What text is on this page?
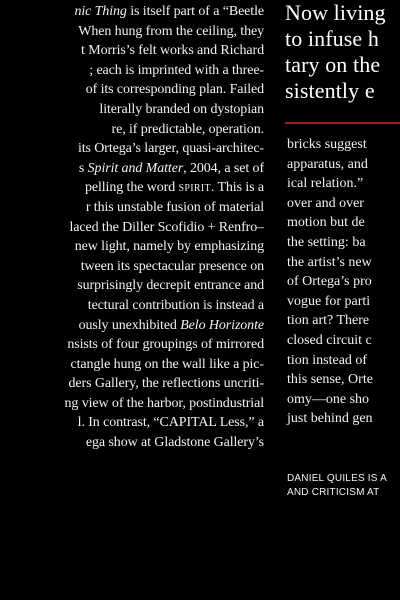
nic Thing is itself part of a “Beetle
When hung from the ceiling, they
t Morris’s felt works and Richard
; each is imprinted with a three-
of its corresponding plan. Failed
literally branded on dystopian
re, if predictable, operation.
its Ortega’s larger, quasi-architec-
s Spirit and Matter, 2004, a set of
pelling the word spirit. This is a
r this unstable fusion of material
laced the Diller Scofidio + Renfro–
new light, namely by emphasizing
tween its spectacular presence on
surprisingly decrepit entrance and
tectural contribution is instead a
ously unexhibited Belo Horizonte
nsists of four groupings of mirrored
ctangle hung on the wall like a pic-
ders Gallery, the reflections uncriti-
ng view of the harbor, postindustrial
l. In contrast, “CAPITAL Less,” a
ega show at Gladstone Gallery’s
Now living
to infuse h
tary on the
sistently e
bricks suggest
apparatus, and
ical relation.”
over and over
motion but de
the setting: ba
the artist’s new
of Ortega’s pro
vogue for parti
tion art? There
closed circuit c
tion instead of
this sense, Orte
omy—one sho
just behind gen
DANIEL QUILES IS A
AND CRITICISM AT
